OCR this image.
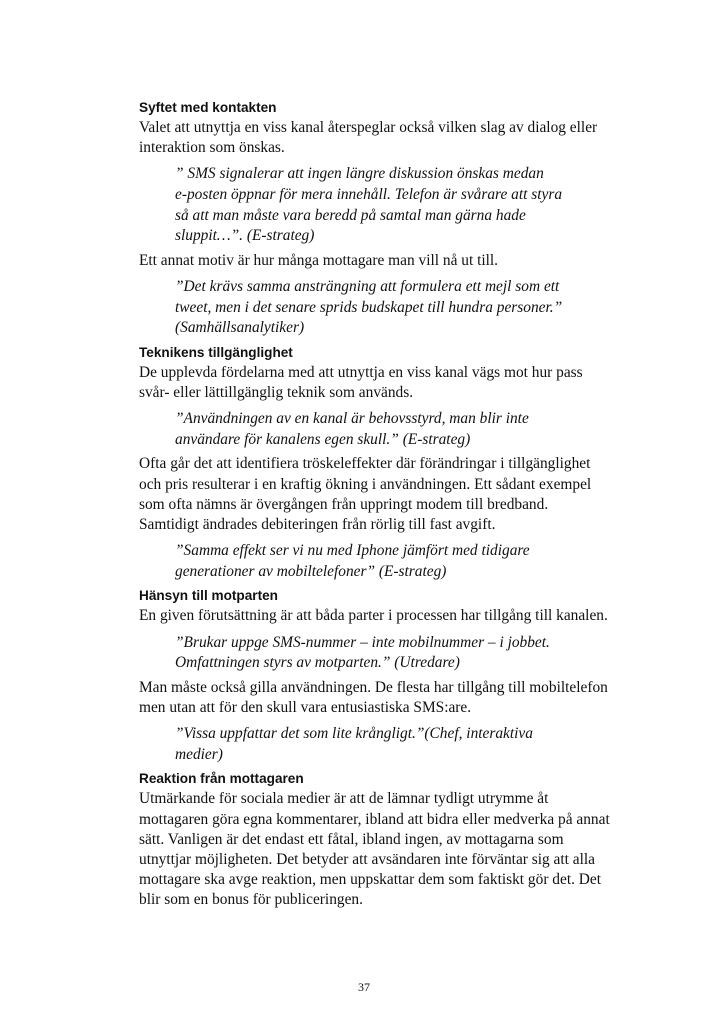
Syftet med kontakten

Valet att utnyttja en viss kanal återspeglar också vilken slag av dialog eller
interaktion som önskas.

” SMS signalerar att ingen längre diskussion önskas medan
e-posten öppnar för mera innehåll. Telefon är svårare att styra
så att man måste vara beredd på samtal man gärna hade
sluppit…”. (E-strateg)

Ett annat motiv är hur många mottagare man vill nå ut till.

”Det krävs samma ansträngning att formulera ett mejl som ett
tweet, men i det senare sprids budskapet till hundra personer.”
(Samhällsanalytiker)

Teknikens tillgänglighet

De upplevda fördelarna med att utnyttja en viss kanal vägs mot hur pass
svår- eller lättillgänglig teknik som används.

”Användningen av en kanal är behovsstyrd, man blir inte
användare för kanalens egen skull.” (E-strateg)

Ofta går det att identifiera tröskeleffekter där förändringar i tillgänglighet
och pris resulterar i en kraftig ökning i användningen. Ett sådant exempel
som ofta nämns är övergången från uppringt modem till bredband.
Samtidigt ändrades debiteringen från rörlig till fast avgift.

”Samma effekt ser vi nu med Iphone jämfört med tidigare
generationer av mobiltelefoner” (E-strateg)

Hänsyn till motparten

En given förutsättning är att båda parter i processen har tillgång till kanalen.

”Brukar uppge SMS-nummer – inte mobilnummer – i jobbet.
Omfattningen styrs av motparten.” (Utredare)

Man måste också gilla användningen. De flesta har tillgång till mobiltelefon
men utan att för den skull vara entusiastiska SMS:are.

”Vissa uppfattar det som lite krångligt.”(Chef, interaktiva
medier)

Reaktion från mottagaren

Utmärkande för sociala medier är att de lämnar tydligt utrymme åt
mottagaren göra egna kommentarer, ibland att bidra eller medverka på annat
sätt. Vanligen är det endast ett fåtal, ibland ingen, av mottagarna som
utnyttjar möjligheten. Det betyder att avsändaren inte förväntar sig att alla
mottagare ska avge reaktion, men uppskattar dem som faktiskt gör det. Det
blir som en bonus för publiceringen.

37
